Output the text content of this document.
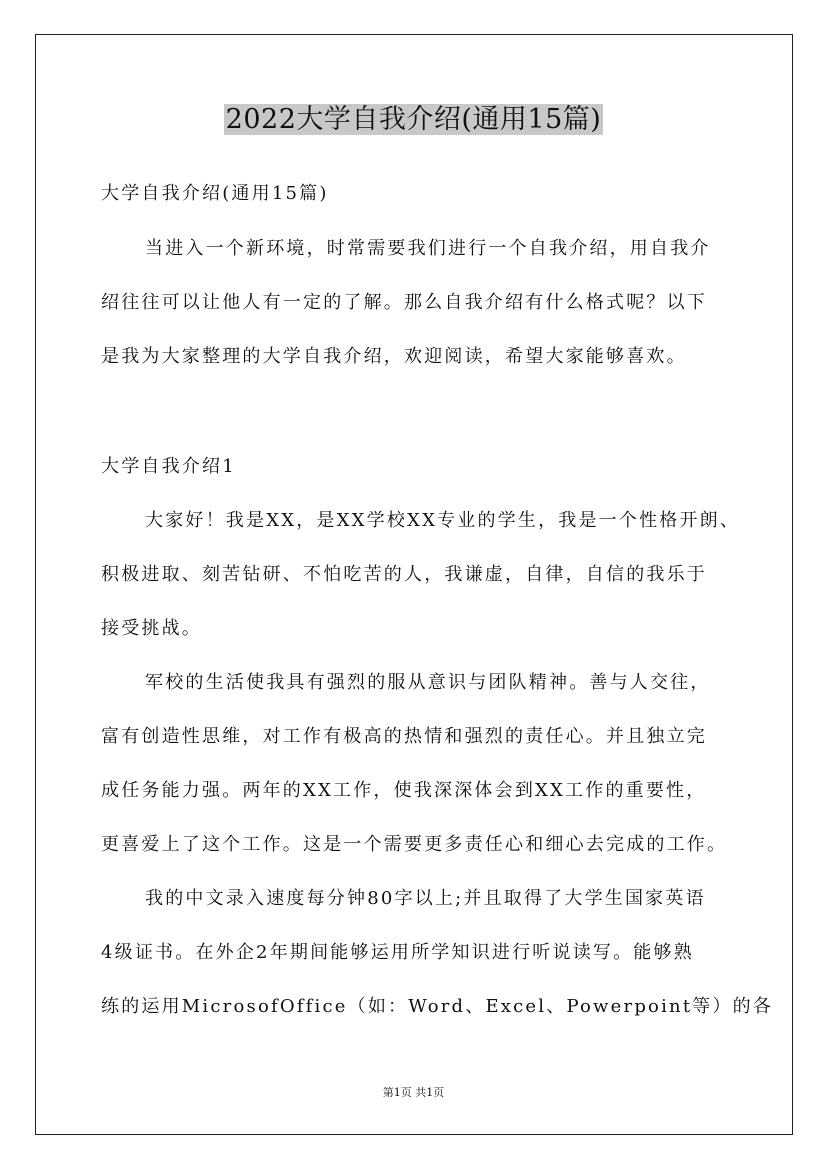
2022大学自我介绍(通用15篇)
大学自我介绍(通用15篇)
当进入一个新环境，时常需要我们进行一个自我介绍，用自我介
绍往往可以让他人有一定的了解。那么自我介绍有什么格式呢？以下
是我为大家整理的大学自我介绍，欢迎阅读，希望大家能够喜欢。
大学自我介绍1
大家好！我是XX，是XX学校XX专业的学生，我是一个性格开朗、
积极进取、刻苦钻研、不怕吃苦的人，我谦虚，自律，自信的我乐于
接受挑战。
军校的生活使我具有强烈的服从意识与团队精神。善与人交往，
富有创造性思维，对工作有极高的热情和强烈的责任心。并且独立完
成任务能力强。两年的XX工作，使我深深体会到XX工作的重要性，
更喜爱上了这个工作。这是一个需要更多责任心和细心去完成的工作。
我的中文录入速度每分钟80字以上;并且取得了大学生国家英语
4级证书。在外企2年期间能够运用所学知识进行听说读写。能够熟
练的运用MicrosofOffice（如：Word、Excel、Powerpoint等）的各
第1页 共1页
